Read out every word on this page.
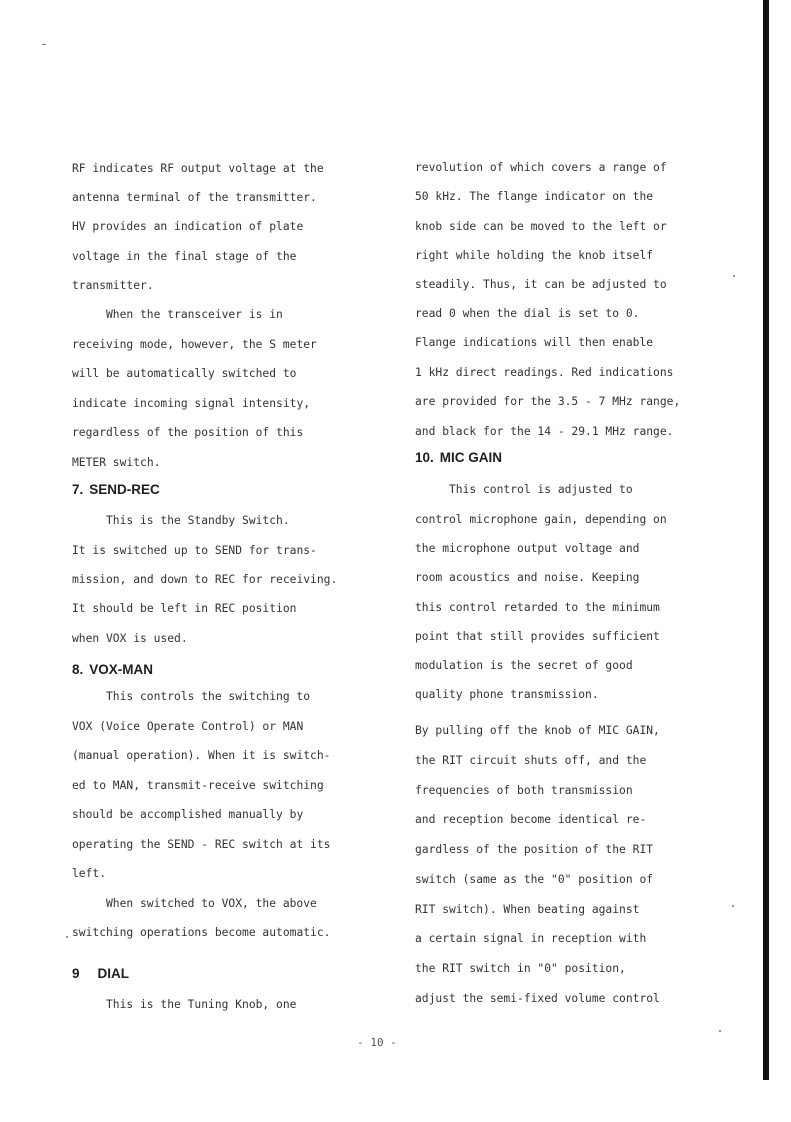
RF indicates RF output voltage at the
antenna terminal of the transmitter.
HV provides an indication of plate
voltage in the final stage of the
transmitter.
When the transceiver is in
receiving mode, however, the S meter
will be automatically switched to
indicate incoming signal intensity,
regardless of the position of this
METER switch.
7. SEND-REC
This is the Standby Switch.
It is switched up to SEND for trans-
mission, and down to REC for receiving.
It should be left in REC position
when VOX is used.
8. VOX-MAN
This controls the switching to
VOX (Voice Operate Control) or MAN
(manual operation). When it is switch-
ed to MAN, transmit-receive switching
should be accomplished manually by
operating the SEND - REC switch at its
left.
When switched to VOX, the above
switching operations become automatic.
9 DIAL
This is the Tuning Knob, one
revolution of which covers a range of
50 kHz. The flange indicator on the
knob side can be moved to the left or
right while holding the knob itself
steadily. Thus, it can be adjusted to
read 0 when the dial is set to 0.
Flange indications will then enable
1 kHz direct readings. Red indications
are provided for the 3.5 - 7 MHz range,
and black for the 14 - 29.1 MHz range.
10. MIC GAIN
This control is adjusted to
control microphone gain, depending on
the microphone output voltage and
room acoustics and noise. Keeping
this control retarded to the minimum
point that still provides sufficient
modulation is the secret of good
quality phone transmission.
By pulling off the knob of MIC GAIN,
the RIT circuit shuts off, and the
frequencies of both transmission
and reception become identical re-
gardless of the position of the RIT
switch (same as the "0" position of
RIT switch). When beating against
a certain signal in reception with
the RIT switch in "0" position,
adjust the semi-fixed volume control
- 10 -
